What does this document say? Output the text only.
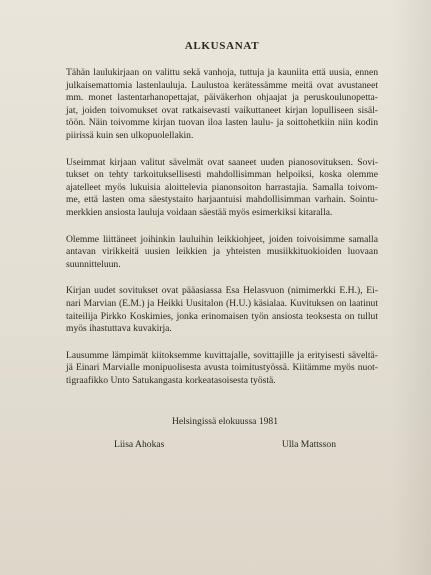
ALKUSANAT
Tähän laulukirjaan on valittu sekä vanhoja, tuttuja ja kauniita että uusia, ennen
julkaisemattomia lastenlauluja. Laulustoa kerätessämme meitä ovat avustaneet
mm. monet lastentarhanopettajat, päiväkerhon ohjaajat ja peruskoulunopetta-
jat, joiden toivomukset ovat ratkaisevasti vaikuttaneet kirjan lopulliseen sisäl-
töön. Näin toivomme kirjan tuovan iloa lasten laulu- ja soittohetkiin niin kodin
piirissä kuin sen ulkopuolellakin.
Useimmat kirjaan valitut sävelmät ovat saaneet uuden pianosovituksen. Sovi-
tukset on tehty tarkoituksellisesti mahdollisimman helpoiksi, koska olemme
ajatelleet myös lukuisia aloittelevia pianonsoiton harrastajia. Samalla toivom-
me, että lasten oma säestystaito harjaantuisi mahdollisimman varhain. Sointu-
merkkien ansiosta lauluja voidaan säestää myös esimerkiksi kitaralla.
Olemme liittäneet joihinkin lauluihin leikkiohjeet, joiden toivoisimme samalla
antavan virikkeitä uusien leikkien ja yhteisten musiikkituokioiden luovaan
suunnitteluun.
Kirjan uudet sovitukset ovat pääasiassa Esa Helasvuon (nimimerkki E.H.), Ei-
nari Marvian (E.M.) ja Heikki Uusitalon (H.U.) käsialaa. Kuvituksen on laatinut
taiteilija Pirkko Koskimies, jonka erinomaisen työn ansiosta teoksesta on tullut
myös ihastuttava kuvakirja.
Lausumme lämpimät kiitoksemme kuvittajalle, sovittajille ja erityisesti säveltä-
jä Einari Marvialle monipuolisesta avusta toimitustyössä. Kiitämme myös nuot-
tigraafikko Unto Satukangasta korkeatasoisesta työstä.
Helsingissä elokuussa 1981
Liisa Ahokas	Ulla Mattsson
